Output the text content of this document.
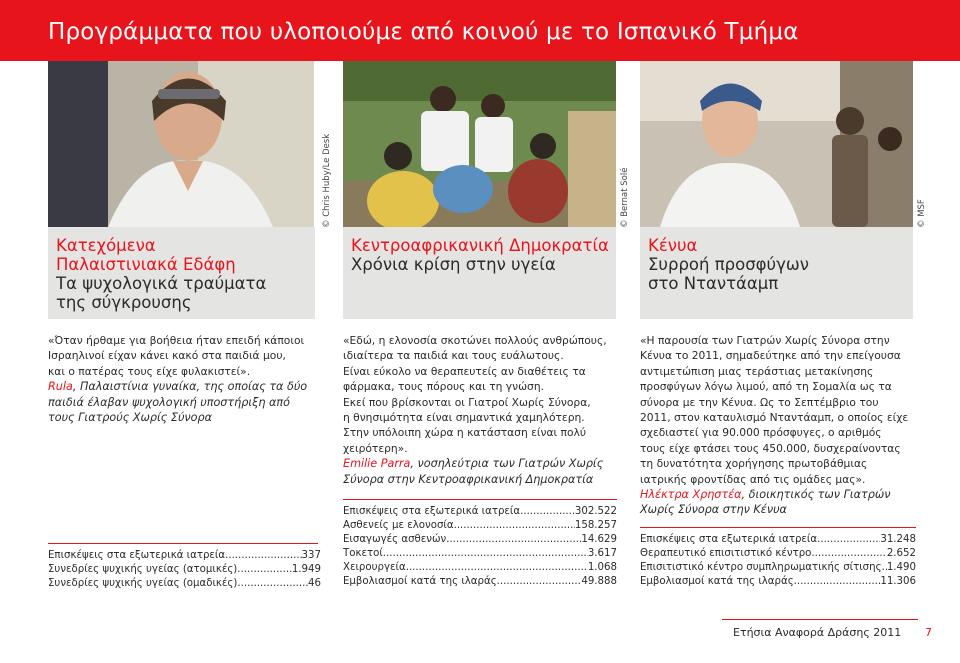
Προγράμματα που υλοποιούμε από κοινού με το Ισπανικό Τμήμα
© Chris Huby/Le Desk	© Bernat Solé	© MSF
Κατεχόμενα
Παλαιστινιακά Εδάφη
Τα ψυχολογικά τραύματα
της σύγκρουσης
Κεντροαφρικανική Δημοκρατία
Χρόνια κρίση στην υγεία
Κένυα
Συρροή προσφύγων
στο Νταντάαμπ
«Όταν ήρθαμε για βοήθεια ήταν επειδή κάποιοι
Ισραηλινοί είχαν κάνει κακό στα παιδιά μου,
και ο πατέρας τους είχε φυλακιστεί».
Rula, Παλαιστίνια γυναίκα, της οποίας τα δύο
παιδιά έλαβαν ψυχολογική υποστήριξη από
τους Γιατρούς Χωρίς Σύνορα
Επισκέψεις στα εξωτερικά ιατρεία .....	337
Συνεδρίες ψυχικής υγείας (ατομικές) .....	1.949
Συνεδρίες ψυχικής υγείας (ομαδικές) .....	46
«Εδώ, η ελονοσία σκοτώνει πολλούς ανθρώπους,
ιδιαίτερα τα παιδιά και τους ευάλωτους.
Είναι εύκολο να θεραπευτείς αν διαθέτεις τα
φάρμακα, τους πόρους και τη γνώση.
Εκεί που βρίσκονται οι Γιατροί Χωρίς Σύνορα,
η θνησιμότητα είναι σημαντικά χαμηλότερη.
Στην υπόλοιπη χώρα η κατάσταση είναι πολύ
χειρότερη».
Emilie Parra, νοσηλεύτρια των Γιατρών Χωρίς
Σύνορα στην Κεντροαφρικανική Δημοκρατία
Επισκέψεις στα εξωτερικά ιατρεία .....	302.522
Ασθενείς με ελονοσία .....	158.257
Εισαγωγές ασθενών .....	14.629
Τοκετοί .....	3.617
Χειρουργεία .....	1.068
Εμβολιασμοί κατά της ιλαράς .....	49.888
«Η παρουσία των Γιατρών Χωρίς Σύνορα στην
Κένυα το 2011, σημαδεύτηκε από την επείγουσα
αντιμετώπιση μιας τεράστιας μετακίνησης
προσφύγων λόγω λιμού, από τη Σομαλία ως τα
σύνορα με την Κένυα. Ως το Σεπτέμβριο του
2011, στον καταυλισμό Νταντάαμπ, ο οποίος είχε
σχεδιαστεί για 90.000 πρόσφυγες, ο αριθμός
τους είχε φτάσει τους 450.000, δυσχεραίνοντας
τη δυνατότητα χορήγησης πρωτοβάθμιας
ιατρικής φροντίδας από τις ομάδες μας».
Ηλέκτρα Χρηστέα, διοικητικός των Γιατρών
Χωρίς Σύνορα στην Κένυα
Επισκέψεις στα εξωτερικά ιατρεία .....	31.248
Θεραπευτικό επισιτιστικό κέντρο .....	2.652
Επισιτιστικό κέντρο συμπληρωματικής σίτισης ..... 1.490
Εμβολιασμοί κατά της ιλαράς .....	11.306
Ετήσια Αναφορά Δράσης 2011 7
